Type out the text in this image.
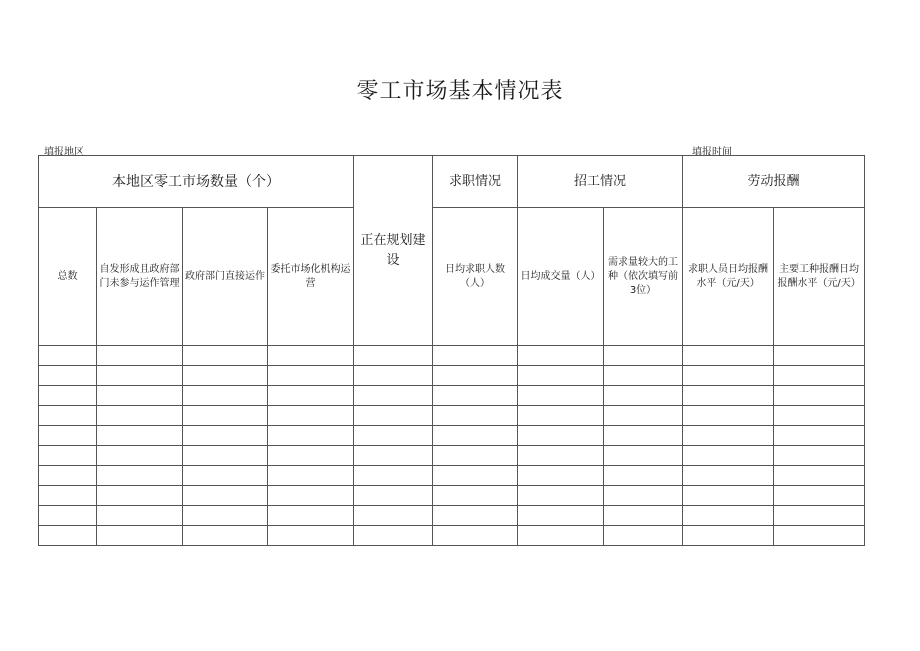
零工市场基本情况表
填报地区	填报时间
本地区零工市场数量（个）				正在规划建设	求职情况	招工情况		劳动报酬	

总数	自发形成且政府部门未参与运作管理	政府部门直接运作	委托市场化机构运营		日均求职人数（人）	日均成交量（人）	需求量较大的工种（依次填写前3位）	求职人员日均报酬水平（元/天）	主要工种报酬日均报酬水平（元/天）
